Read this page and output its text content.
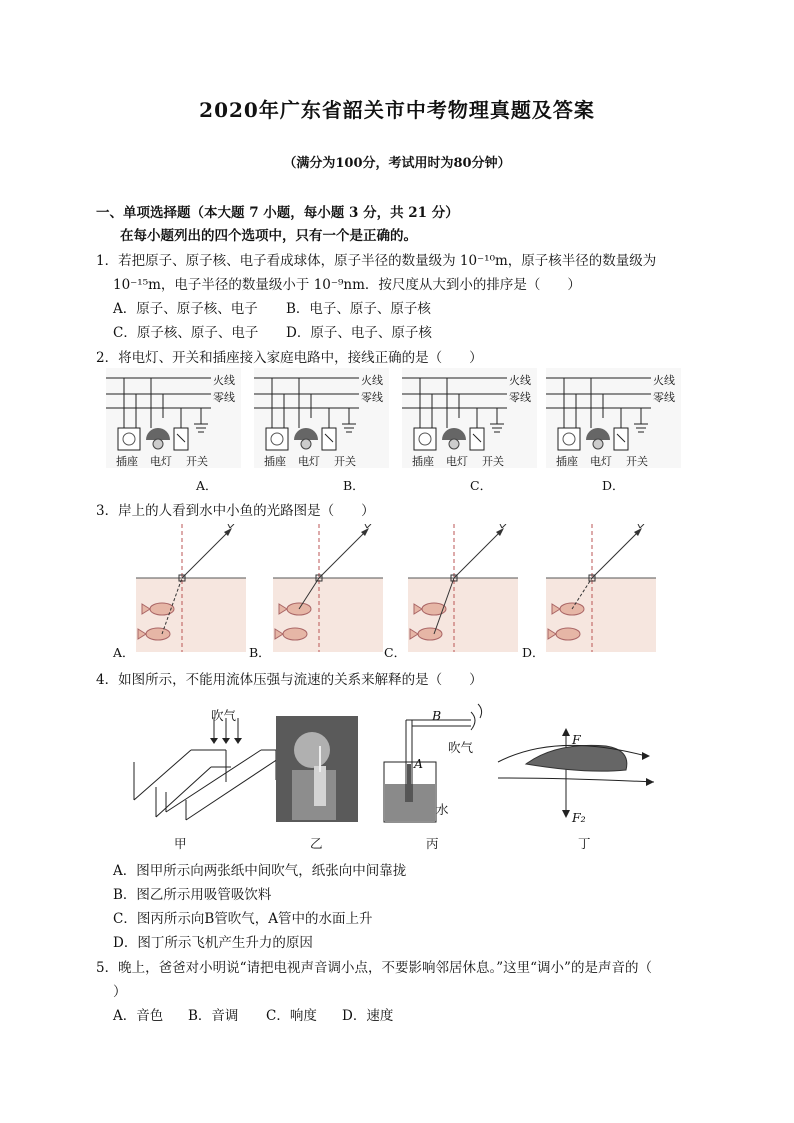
2020年广东省韶关市中考物理真题及答案
（满分为100分，考试用时为80分钟）
一、单项选择题（本大题 7 小题，每小题 3 分，共 21 分）
在每小题列出的四个选项中，只有一个是正确的。
1．若把原子、原子核、电子看成球体，原子半径的数量级为 10⁻¹⁰m，原子核半径的数量级为
10⁻¹⁵m，电子半径的数量级小于 10⁻⁹nm．按尺度从大到小的排序是（　　）
A．原子、原子核、电子 B．电子、原子、原子核
C．原子核、原子、电子 D．原子、电子、原子核
2．将电灯、开关和插座接入家庭电路中，接线正确的是（　　）
火线
零线
火线
零线
火线
零线
火线
零线
插座 电灯 开关	插座 电灯 开关	插座 电灯 开关	插座 电灯 开关
A．	B．	C．	D．
3．岸上的人看到水中小鱼的光路图是（　　）
A．	B．	C．	D．
4．如图所示，不能用流体压强与流速的关系来解释的是（　　）
吹气	B
吹气
A
水
F
F₂
甲	乙	丙	丁
A．图甲所示向两张纸中间吹气，纸张向中间靠拢
B．图乙所示用吸管吸饮料
C．图丙所示向B管吹气，A管中的水面上升
D．图丁所示飞机产生升力的原因
5．晚上，爸爸对小明说“请把电视声音调小点，不要影响邻居休息。”这里“调小”的是声音的（
）
A．音色 B．音调 C．响度 D．速度
